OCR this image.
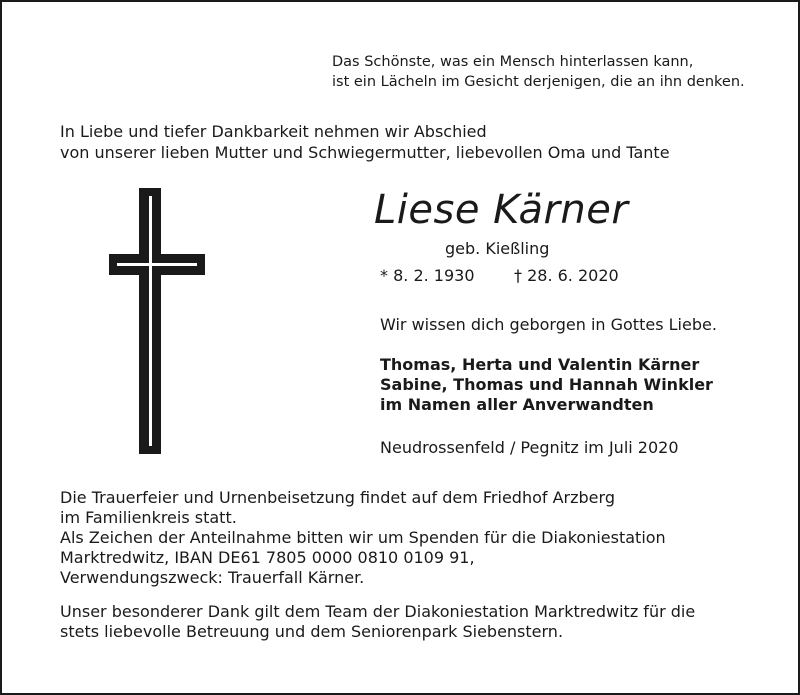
Das Schönste, was ein Mensch hinterlassen kann,
ist ein Lächeln im Gesicht derjenigen, die an ihn denken.
In Liebe und tiefer Dankbarkeit nehmen wir Abschied
von unserer lieben Mutter und Schwiegermutter, liebevollen Oma und Tante
Liese Kärner
geb. Kießling
* 8. 2. 1930 † 28. 6. 2020
Wir wissen dich geborgen in Gottes Liebe.
Thomas, Herta und Valentin Kärner
Sabine, Thomas und Hannah Winkler
im Namen aller Anverwandten
Neudrossenfeld / Pegnitz im Juli 2020
Die Trauerfeier und Urnenbeisetzung findet auf dem Friedhof Arzberg
im Familienkreis statt.
Als Zeichen der Anteilnahme bitten wir um Spenden für die Diakoniestation
Marktredwitz, IBAN DE61 7805 0000 0810 0109 91,
Verwendungszweck: Trauerfall Kärner.
Unser besonderer Dank gilt dem Team der Diakoniestation Marktredwitz für die
stets liebevolle Betreuung und dem Seniorenpark Siebenstern.
